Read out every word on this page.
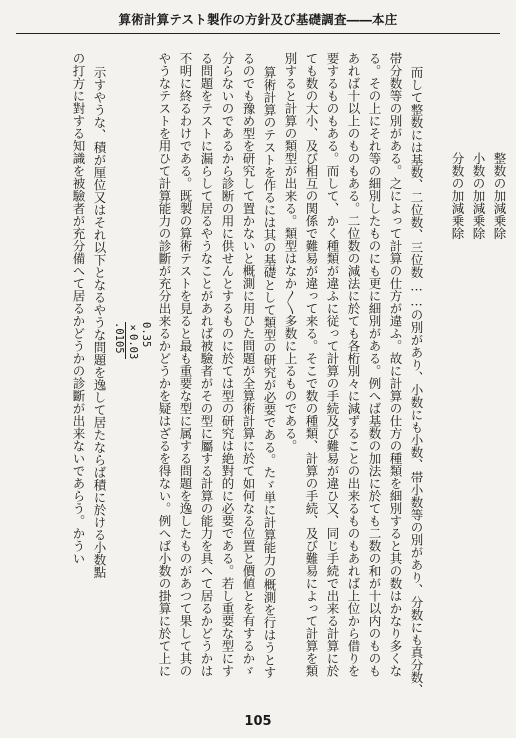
算術計算テスト製作の方針及び基礎調査――本庄
整数の加減乗除
小数の加減乗除
分数の加減乗除
而して整数には基数、二位数、三位数……の別があり、小数にも小数、帯小数等の別があり、分数にも真分数、
帯分数等の別がある。之によって計算の仕方が違ふ。故に計算の仕方の種類を細別すると其の数はかなり多くな
る。その上にそれ等の細別したものにも更に細別がある。例へば基数の加法に於ても二数の和が十以内のものも
あれば十以上のものもある。二位数の減法に於ても各桁別々に減ずることの出来るものもあれば上位から借りを
要するものもある。而して、かく種類が違ふに従って計算の手続及び難易が違ひ又、同じ手続で出来る計算に於
ても数の大小、及び相互の関係で難易が違って来る。そこで数の種類、計算の手続、及び難易によって計算を類
別すると計算の類型が出来る。類型はなか〳〵多数に上るものである。
算術計算のテストを作るには其の基礎として類型の研究が必要である。たゞ単に計算能力の概測を行はうとす
るのでも豫め型を研究して置かないと概測に用ひた問題が全算術計算に於て如何なる位置と價値とを有するかゞ
分らないのであるから診断の用に供せんとするものに於ては型の研究は絶對的に必要である。若し重要な型にす
る問題をテストに漏らして居るやうなことがあれば被驗者がその型に屬する計算の能力を具へて居るかどうかは
不明に終るわけである。既製の算術テストを見ると最も重要な型に属する問題を逸したものがあつて果して其の
やうなテストを用ひて計算能力の診斷が充分出来るかどうかを疑はざるを得ない。例へば小数の掛算に於て上に
0.35
×0.03
.0105
示すやうな、積が厘位又はそれ以下となるやうな問題を逸して居たならば積に於ける小数點
の打方に對する知識を被驗者が充分備へて居るかどうかの診斷が出来ないであらう。かうい
105
